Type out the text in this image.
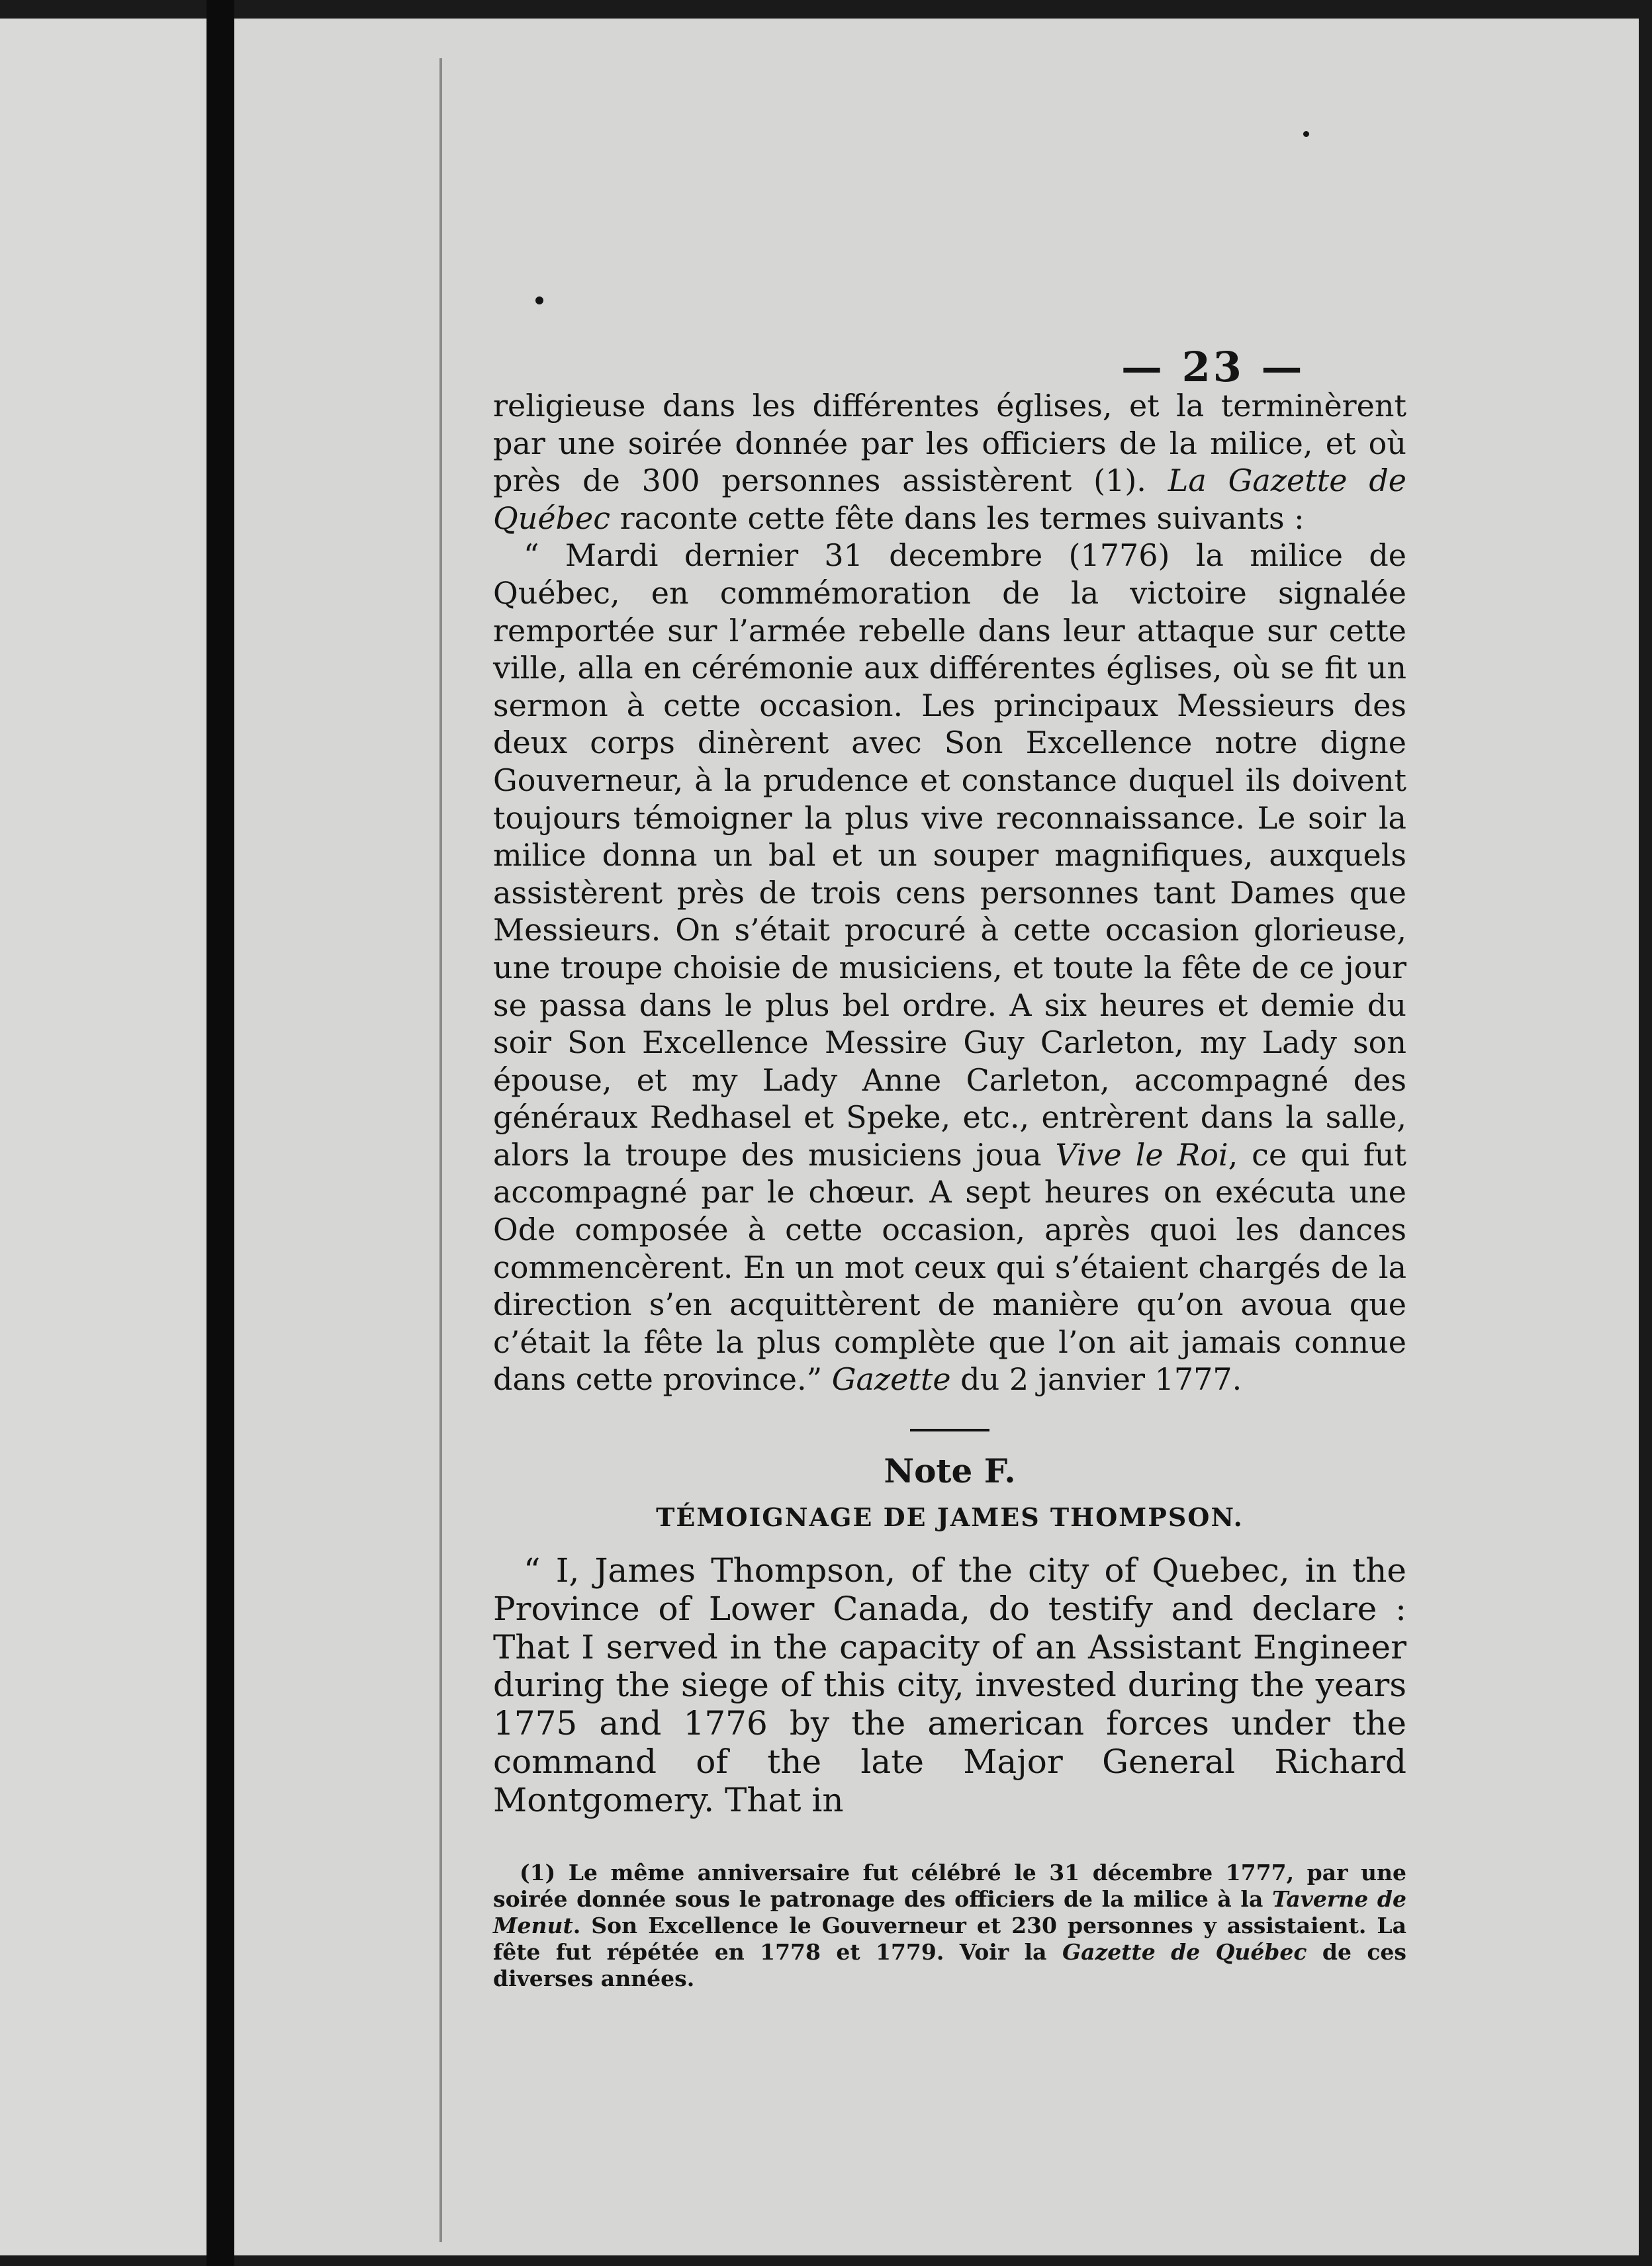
— 23 —

religieuse dans les différentes églises, et la terminèrent par une soirée donnée par les officiers de la milice, et où près de 300 personnes assistèrent (1). La Gazette de Québec raconte cette fête dans les termes suivants :

“ Mardi dernier 31 decembre (1776) la milice de Québec, en commémoration de la victoire signalée remportée sur l’armée rebelle dans leur attaque sur cette ville, alla en cérémonie aux différentes églises, où se fit un sermon à cette occasion. Les principaux Messieurs des deux corps dinèrent avec Son Excellence notre digne Gouverneur, à la prudence et constance duquel ils doivent toujours témoigner la plus vive reconnaissance. Le soir la milice donna un bal et un souper magnifiques, auxquels assistèrent près de trois cens personnes tant Dames que Messieurs. On s’était procuré à cette occasion glorieuse, une troupe choisie de musiciens, et toute la fête de ce jour se passa dans le plus bel ordre. A six heures et demie du soir Son Excellence Messire Guy Carleton, my Lady son épouse, et my Lady Anne Carleton, accompagné des généraux Redhasel et Speke, etc., entrèrent dans la salle, alors la troupe des musiciens joua Vive le Roi, ce qui fut accompagné par le chœur. A sept heures on exécuta une Ode composée à cette occasion, après quoi les dances commencèrent. En un mot ceux qui s’étaient chargés de la direction s’en acquittèrent de manière qu’on avoua que c’était la fête la plus complète que l’on ait jamais connue dans cette province.” Gazette du 2 janvier 1777.

Note F.

TÉMOIGNAGE DE JAMES THOMPSON.

“ I, James Thompson, of the city of Quebec, in the Province of Lower Canada, do testify and declare : That I served in the capacity of an Assistant Engineer during the siege of this city, invested during the years 1775 and 1776 by the american forces under the command of the late Major General Richard Montgomery. That in

(1) Le même anniversaire fut célébré le 31 décembre 1777, par une soirée donnée sous le patronage des officiers de la milice à la Taverne de Menut. Son Excellence le Gouverneur et 230 personnes y assistaient. La fête fut répétée en 1778 et 1779. Voir la Gazette de Québec de ces diverses années.
